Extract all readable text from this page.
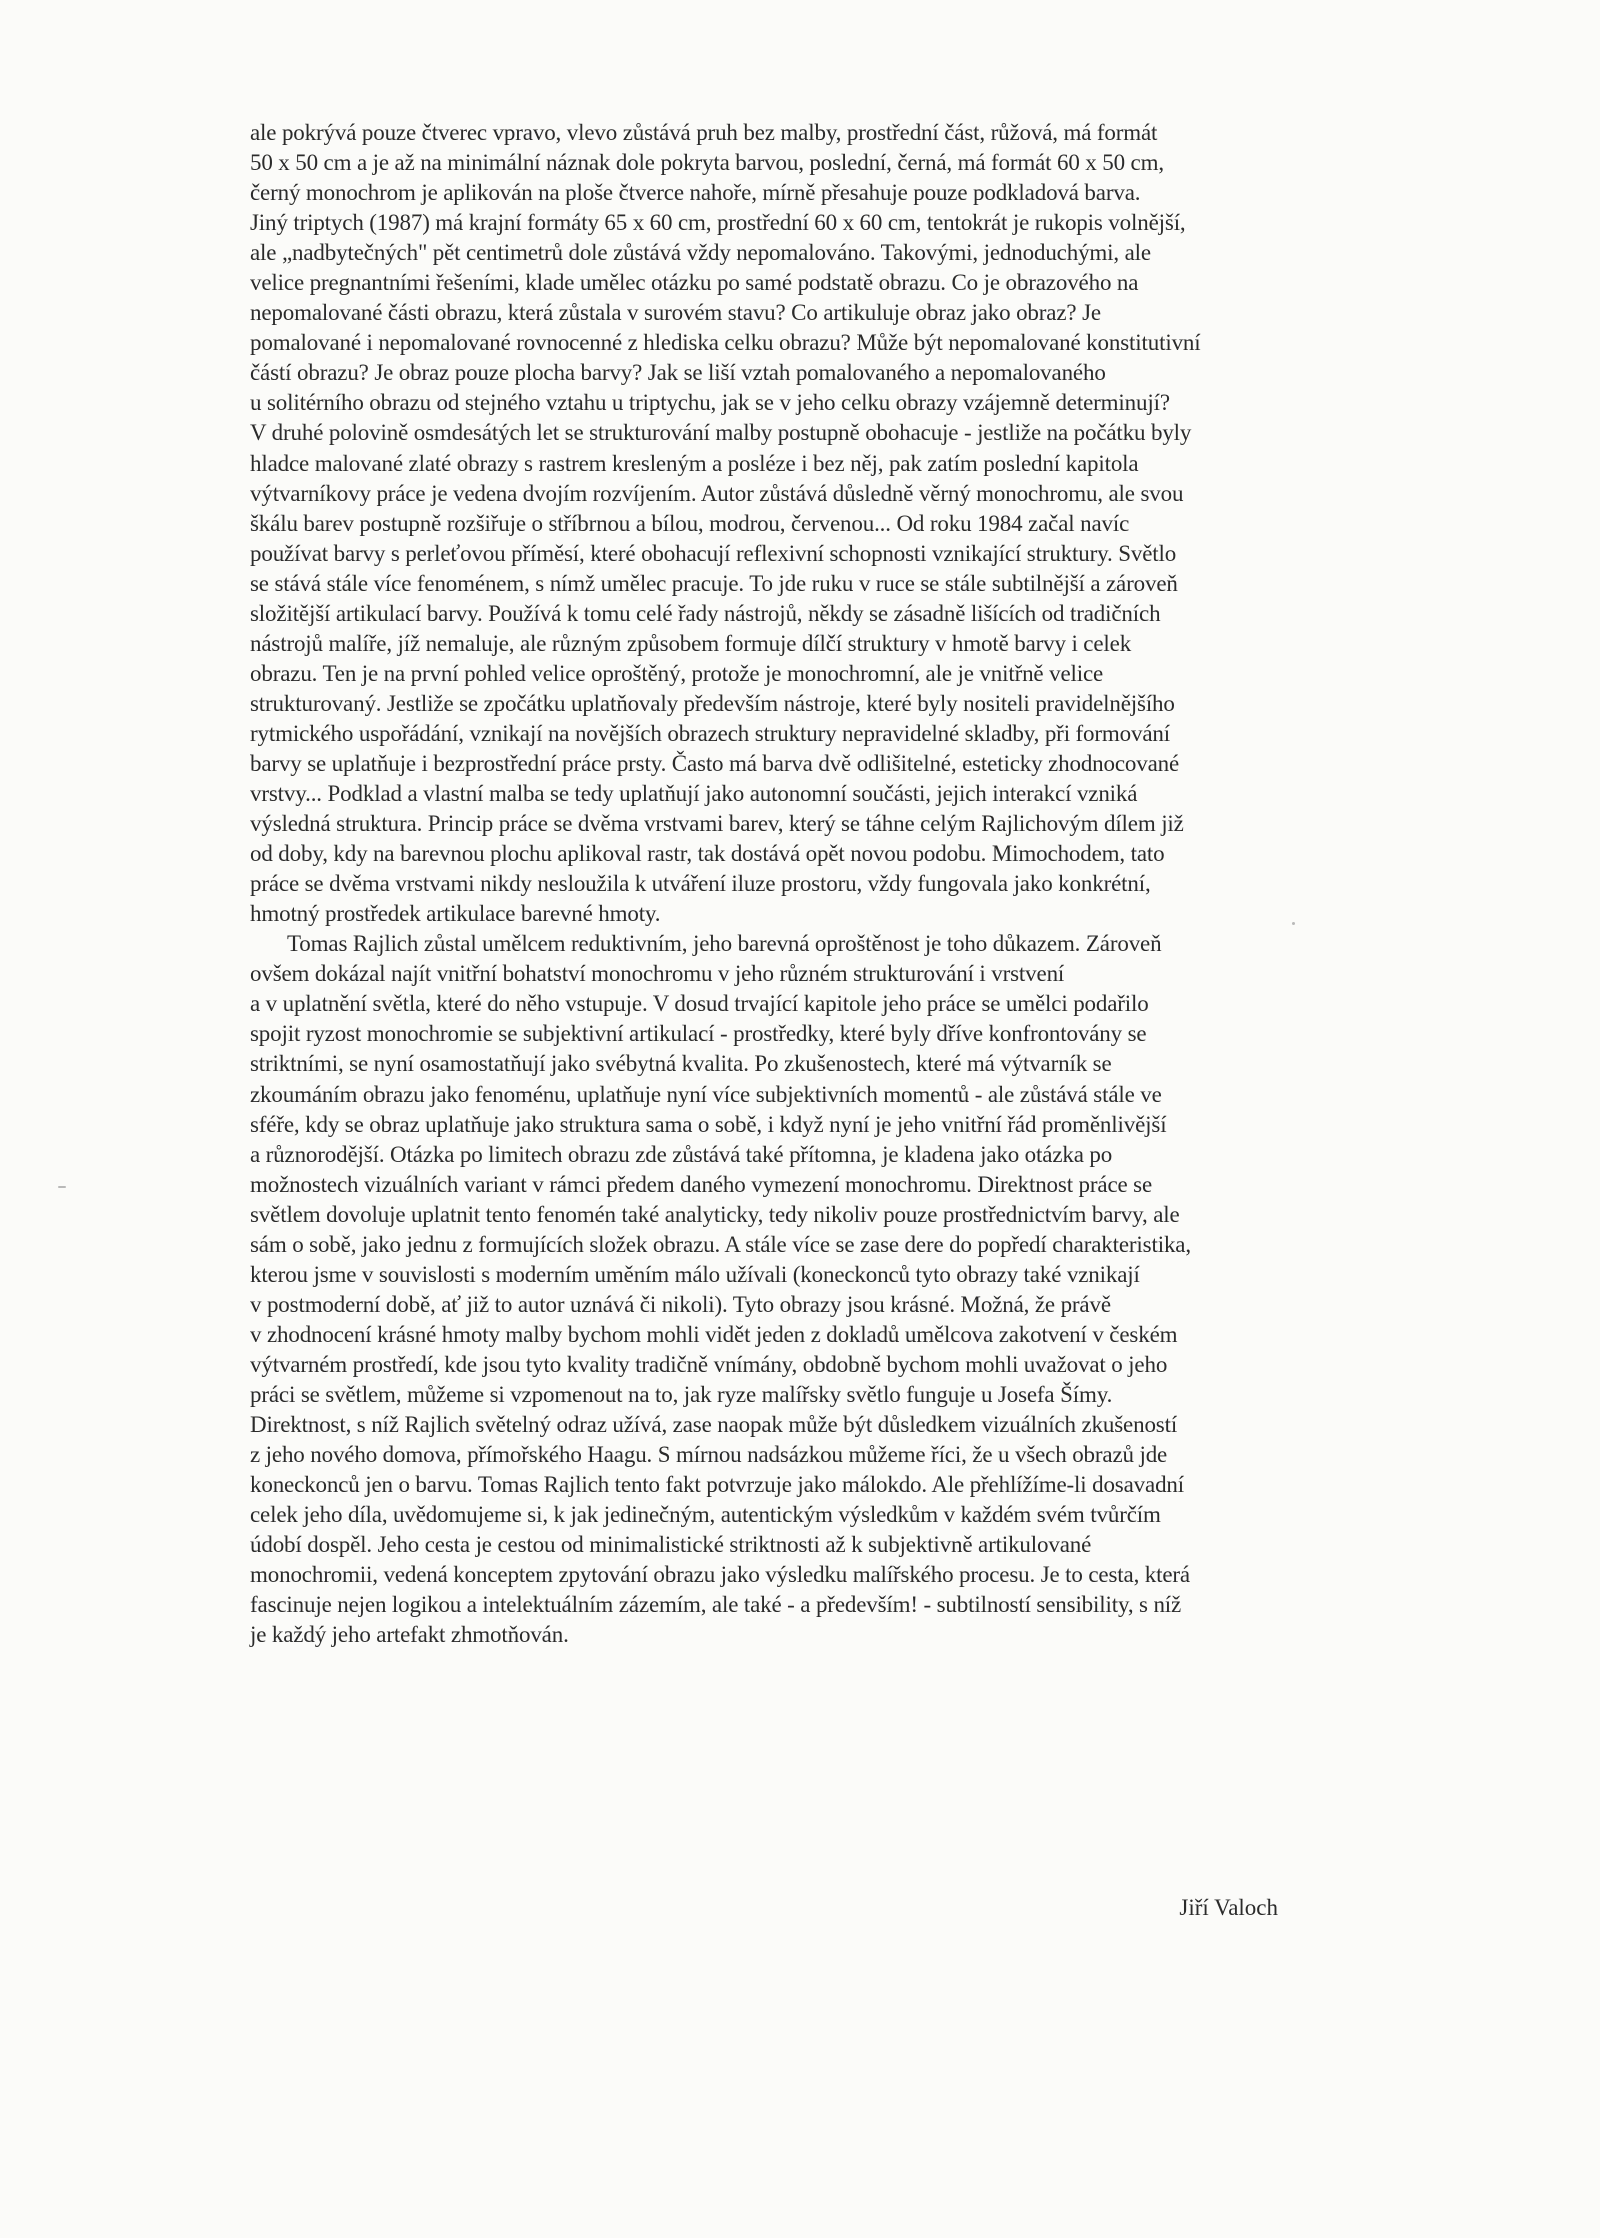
ale pokrývá pouze čtverec vpravo, vlevo zůstává pruh bez malby, prostřední část, růžová, má formát
50 x 50 cm a je až na minimální náznak dole pokryta barvou, poslední, černá, má formát 60 x 50 cm,
černý monochrom je aplikován na ploše čtverce nahoře, mírně přesahuje pouze podkladová barva.
Jiný triptych (1987) má krajní formáty 65 x 60 cm, prostřední 60 x 60 cm, tentokrát je rukopis volnější,
ale „nadbytečných" pět centimetrů dole zůstává vždy nepomalováno. Takovými, jednoduchými, ale
velice pregnantními řešeními, klade umělec otázku po samé podstatě obrazu. Co je obrazového na
nepomalované části obrazu, která zůstala v surovém stavu? Co artikuluje obraz jako obraz? Je
pomalované i nepomalované rovnocenné z hlediska celku obrazu? Může být nepomalované konstitutivní
částí obrazu? Je obraz pouze plocha barvy? Jak se liší vztah pomalovaného a nepomalovaného
u solitérního obrazu od stejného vztahu u triptychu, jak se v jeho celku obrazy vzájemně determinují?
V druhé polovině osmdesátých let se strukturování malby postupně obohacuje - jestliže na počátku byly
hladce malované zlaté obrazy s rastrem kresleným a posléze i bez něj, pak zatím poslední kapitola
výtvarníkovy práce je vedena dvojím rozvíjením. Autor zůstává důsledně věrný monochromu, ale svou
škálu barev postupně rozšiřuje o stříbrnou a bílou, modrou, červenou... Od roku 1984 začal navíc
používat barvy s perleťovou příměsí, které obohacují reflexivní schopnosti vznikající struktury. Světlo
se stává stále více fenoménem, s nímž umělec pracuje. To jde ruku v ruce se stále subtilnější a zároveň
složitější artikulací barvy. Používá k tomu celé řady nástrojů, někdy se zásadně lišících od tradičních
nástrojů malíře, jíž nemaluje, ale různým způsobem formuje dílčí struktury v hmotě barvy i celek
obrazu. Ten je na první pohled velice oproštěný, protože je monochromní, ale je vnitřně velice
strukturovaný. Jestliže se zpočátku uplatňovaly především nástroje, které byly nositeli pravidelnějšího
rytmického uspořádání, vznikají na novějších obrazech struktury nepravidelné skladby, při formování
barvy se uplatňuje i bezprostřední práce prsty. Často má barva dvě odlišitelné, esteticky zhodnocované
vrstvy... Podklad a vlastní malba se tedy uplatňují jako autonomní součásti, jejich interakcí vzniká
výsledná struktura. Princip práce se dvěma vrstvami barev, který se táhne celým Rajlichovým dílem již
od doby, kdy na barevnou plochu aplikoval rastr, tak dostává opět novou podobu. Mimochodem, tato
práce se dvěma vrstvami nikdy nesloužila k utváření iluze prostoru, vždy fungovala jako konkrétní,
hmotný prostředek artikulace barevné hmoty.
Tomas Rajlich zůstal umělcem reduktivním, jeho barevná oproštěnost je toho důkazem. Zároveň
ovšem dokázal najít vnitřní bohatství monochromu v jeho různém strukturování i vrstvení
a v uplatnění světla, které do něho vstupuje. V dosud trvající kapitole jeho práce se umělci podařilo
spojit ryzost monochromie se subjektivní artikulací - prostředky, které byly dříve konfrontovány se
striktními, se nyní osamostatňují jako svébytná kvalita. Po zkušenostech, které má výtvarník se
zkoumáním obrazu jako fenoménu, uplatňuje nyní více subjektivních momentů - ale zůstává stále ve
sféře, kdy se obraz uplatňuje jako struktura sama o sobě, i když nyní je jeho vnitřní řád proměnlivější
a různorodější. Otázka po limitech obrazu zde zůstává také přítomna, je kladena jako otázka po
možnostech vizuálních variant v rámci předem daného vymezení monochromu. Direktnost práce se
světlem dovoluje uplatnit tento fenomén také analyticky, tedy nikoliv pouze prostřednictvím barvy, ale
sám o sobě, jako jednu z formujících složek obrazu. A stále více se zase dere do popředí charakteristika,
kterou jsme v souvislosti s moderním uměním málo užívali (koneckonců tyto obrazy také vznikají
v postmoderní době, ať již to autor uznává či nikoli). Tyto obrazy jsou krásné. Možná, že právě
v zhodnocení krásné hmoty malby bychom mohli vidět jeden z dokladů umělcova zakotvení v českém
výtvarném prostředí, kde jsou tyto kvality tradičně vnímány, obdobně bychom mohli uvažovat o jeho
práci se světlem, můžeme si vzpomenout na to, jak ryze malířsky světlo funguje u Josefa Šímy.
Direktnost, s níž Rajlich světelný odraz užívá, zase naopak může být důsledkem vizuálních zkušeností
z jeho nového domova, přímořského Haagu. S mírnou nadsázkou můžeme říci, že u všech obrazů jde
koneckonců jen o barvu. Tomas Rajlich tento fakt potvrzuje jako málokdo. Ale přehlížíme-li dosavadní
celek jeho díla, uvědomujeme si, k jak jedinečným, autentickým výsledkům v každém svém tvůrčím
údobí dospěl. Jeho cesta je cestou od minimalistické striktnosti až k subjektivně artikulované
monochromii, vedená konceptem zpytování obrazu jako výsledku malířského procesu. Je to cesta, která
fascinuje nejen logikou a intelektuálním zázemím, ale také - a především! - subtilností sensibility, s níž
je každý jeho artefakt zhmotňován.
Jiří Valoch
